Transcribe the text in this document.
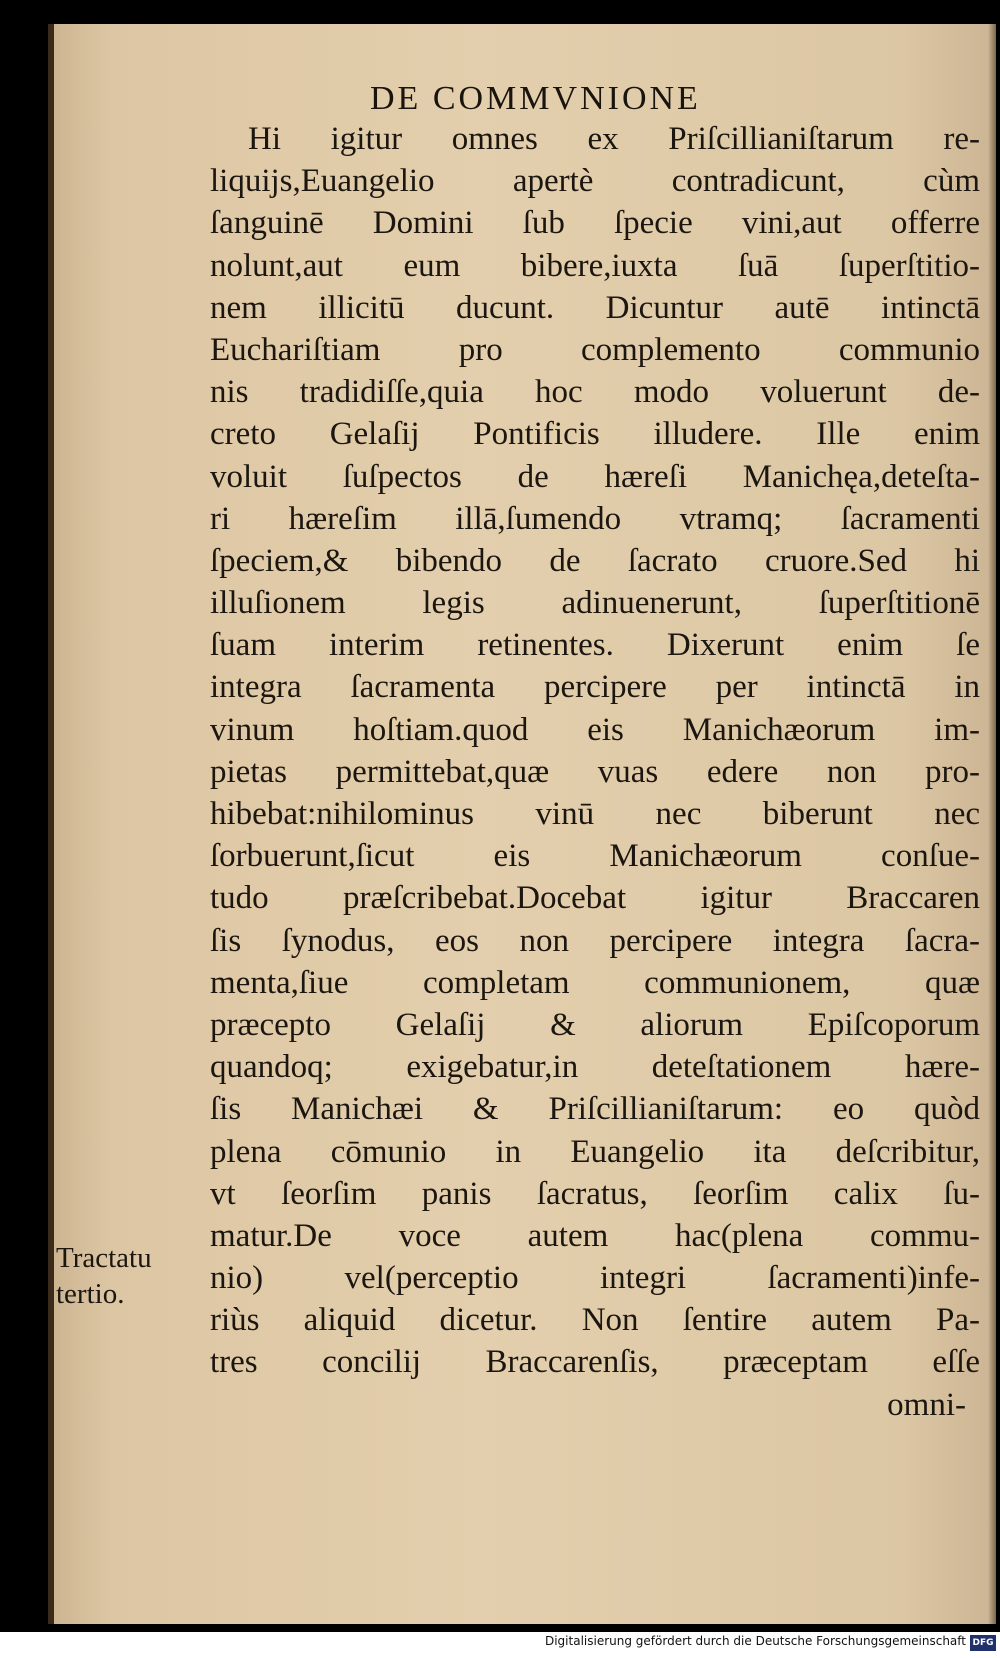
DE COMMVNIONE
Hi igitur omnes ex Priſcillianiſtarum re-
liquijs,Euangelio apertè contradicunt, cùm
ſanguinē Domini ſub ſpecie vini,aut offerre
nolunt,aut eum bibere,iuxta ſuā ſuperſtitio-
nem illicitū ducunt. Dicuntur autē intinctā
Euchariſtiam pro complemento communio
nis tradidiſſe,quia hoc modo voluerunt de-
creto Gelaſij Pontificis illudere. Ille enim
voluit ſuſpectos de hæreſi Manichęa,deteſta-
ri hæreſim illā,ſumendo vtramq; ſacramenti
ſpeciem,& bibendo de ſacrato cruore.Sed hi
illuſionem legis adinuenerunt, ſuperſtitionē
ſuam interim retinentes. Dixerunt enim ſe
integra ſacramenta percipere per intinctā in
vinum hoſtiam.quod eis Manichæorum im-
pietas permittebat,quæ vuas edere non pro-
hibebat:nihilominus vinū nec biberunt nec
ſorbuerunt,ſicut eis Manichæorum conſue-
tudo præſcribebat.Docebat igitur Braccaren
ſis ſynodus, eos non percipere integra ſacra-
menta,ſiue completam communionem, quæ
præcepto Gelaſij & aliorum Epiſcoporum
quandoq; exigebatur,in deteſtationem hære-
ſis Manichæi & Priſcillianiſtarum: eo quòd
plena cōmunio in Euangelio ita deſcribitur,
vt ſeorſim panis ſacratus, ſeorſim calix ſu-
matur.De voce autem hac(plena commu-
nio) vel(perceptio integri ſacramenti)infe-
riùs aliquid dicetur. Non ſentire autem Pa-
tres concilij Braccarenſis, præceptam eſſe
omni-
Tractatu
tertio.
Digitalisierung gefördert durch die Deutsche Forschungsgemeinschaft DFG
